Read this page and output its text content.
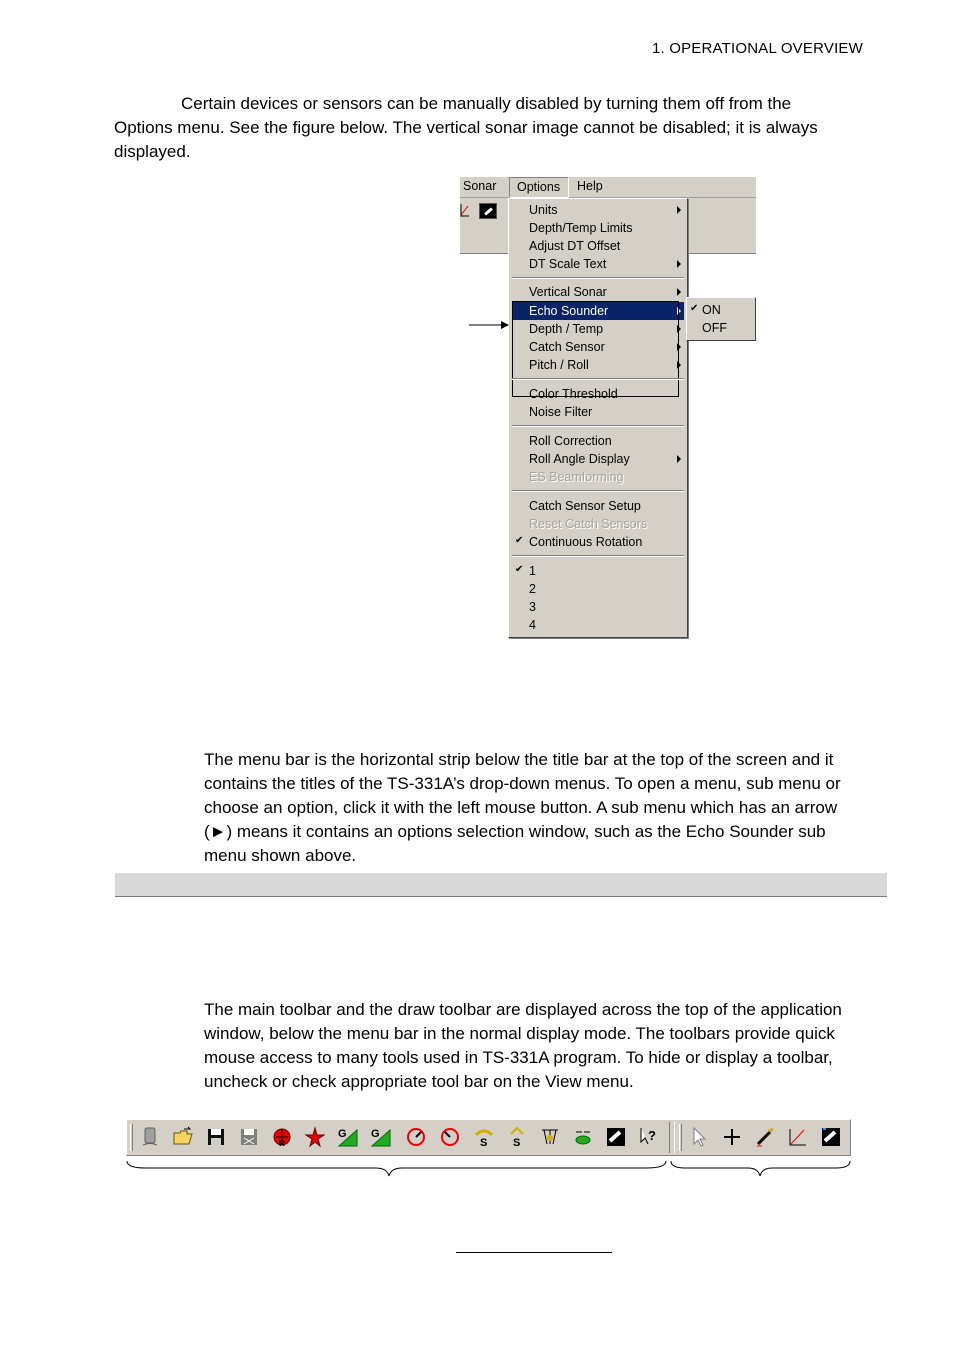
1. OPERATIONAL OVERVIEW
Certain devices or sensors can be manually disabled by turning them off from the Options menu. See the figure below. The vertical sonar image cannot be disabled; it is always displayed.
Sonar	Options	Help
Units
Depth/Temp Limits
Adjust DT Offset
DT Scale Text
Vertical Sonar
Echo Sounder
Depth / Temp
Catch Sensor
Pitch / Roll
Color Threshold
Noise Filter
Roll Correction
Roll Angle Display
ES Beamforming
Catch Sensor Setup
Reset Catch Sensors
✔ Continuous Rotation
✔ 1
2
3
4
✔ ON
OFF
The menu bar is the horizontal strip below the title bar at the top of the screen and it contains the titles of the TS-331A’s drop-down menus. To open a menu, sub menu or choose an option, click it with the left mouse button. A sub menu which has an arrow (►) means it contains an options selection window, such as the Echo Sounder sub menu shown above.
The main toolbar and the draw toolbar are displayed across the top of the application window, below the menu bar in the normal display mode. The toolbars provide quick mouse access to many tools used in TS-331A program. To hide or display a toolbar, uncheck or check appropriate tool bar on the View menu.
R
G G
S S	?
